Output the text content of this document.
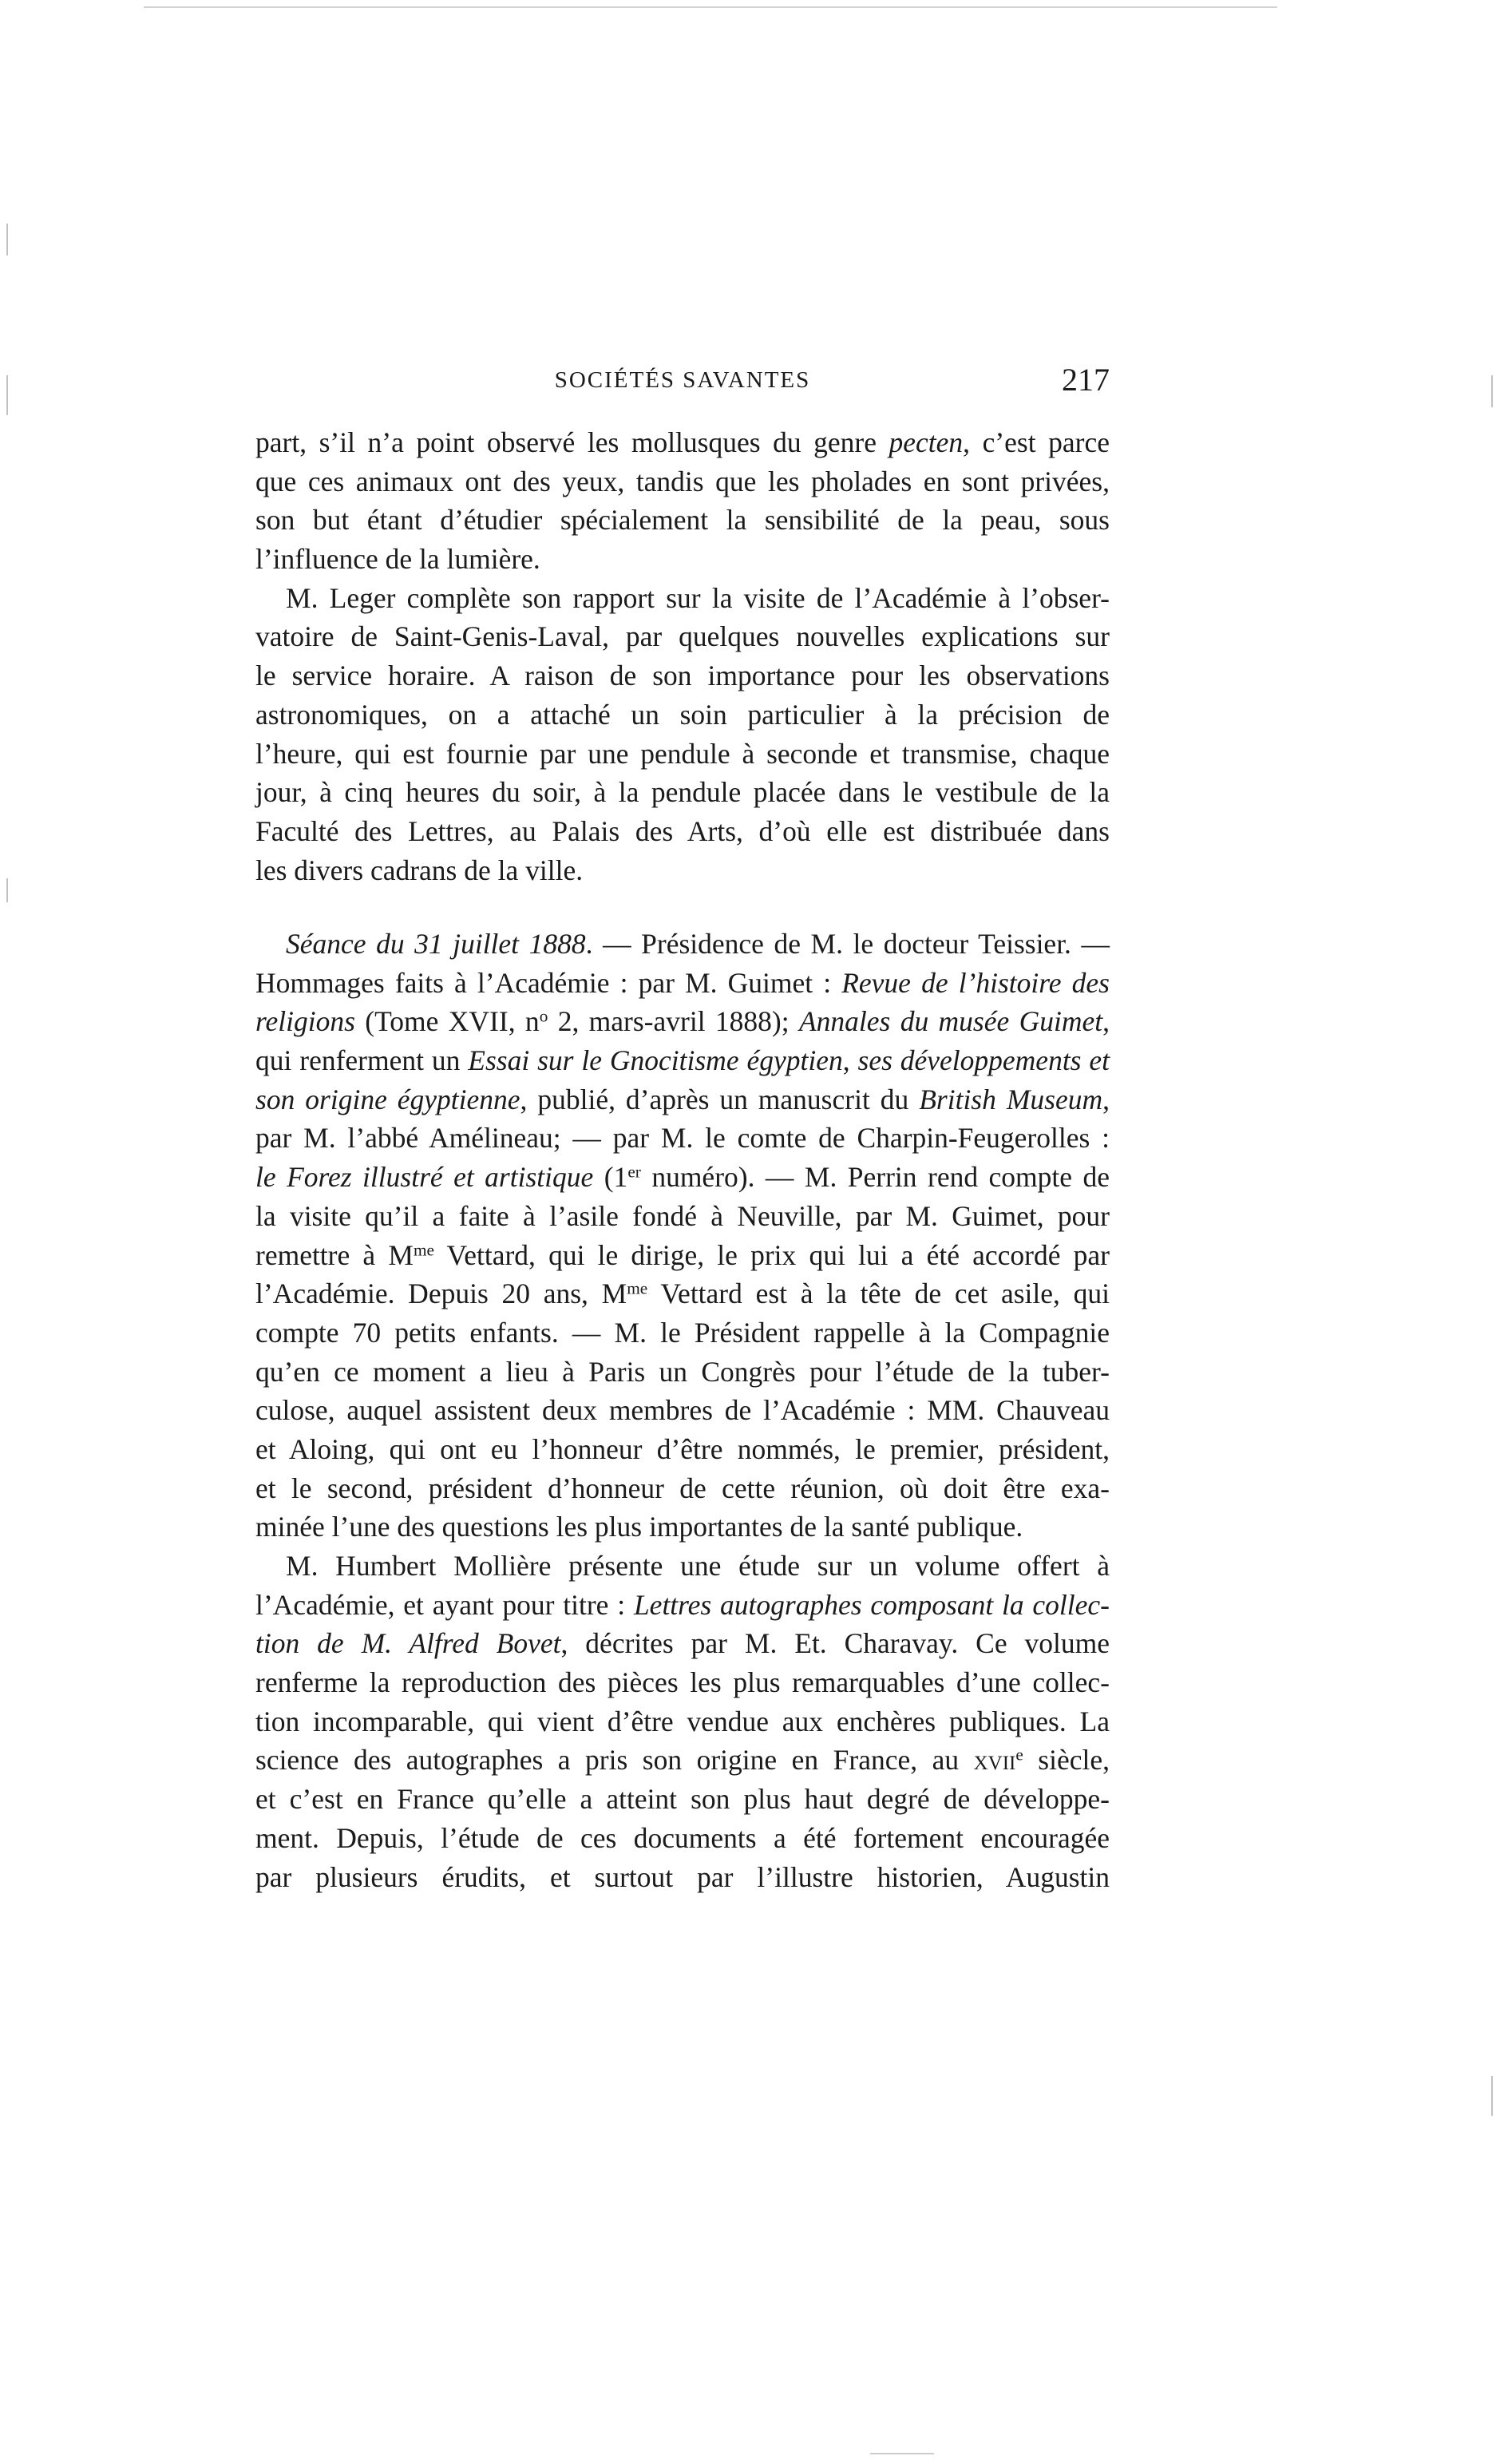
SOCIÉTÉS SAVANTES	217
part, s’il n’a point observé les mollusques du genre pecten, c’est parce
que ces animaux ont des yeux, tandis que les pholades en sont privées,
son but étant d’étudier spécialement la sensibilité de la peau, sous
l’influence de la lumière.
M. Leger complète son rapport sur la visite de l’Académie à l’obser-
vatoire de Saint-Genis-Laval, par quelques nouvelles explications sur
le service horaire. A raison de son importance pour les observations
astronomiques, on a attaché un soin particulier à la précision de
l’heure, qui est fournie par une pendule à seconde et transmise, chaque
jour, à cinq heures du soir, à la pendule placée dans le vestibule de la
Faculté des Lettres, au Palais des Arts, d’où elle est distribuée dans
les divers cadrans de la ville.
Séance du 31 juillet 1888. — Présidence de M. le docteur Teissier. —
Hommages faits à l’Académie : par M. Guimet : Revue de l’histoire des
religions (Tome XVII, $n^o$ 2, mars-avril 1888); Annales du musée Guimet,
qui renferment un Essai sur le Gnocitisme égyptien, ses développements et
son origine égyptienne, publié, d’après un manuscrit du British Museum,
par M. l’abbé Amélineau; — par M. le comte de Charpin-Feugerolles :
le Forez illustré et artistique (1er numéro). — M. Perrin rend compte de
la visite qu’il a faite à l’asile fondé à Neuville, par M. Guimet, pour
remettre à $M^{me}$ Vettard, qui le dirige, le prix qui lui a été accordé par
l’Académie. Depuis 20 ans, $M^{me}$ Vettard est à la tête de cet asile, qui
compte 70 petits enfants. — M. le Président rappelle à la Compagnie
qu’en ce moment a lieu à Paris un Congrès pour l’étude de la tuber-
culose, auquel assistent deux membres de l’Académie : MM. Chauveau
et Aloing, qui ont eu l’honneur d’être nommés, le premier, président,
et le second, président d’honneur de cette réunion, où doit être exa-
minée l’une des questions les plus importantes de la santé publique.
M. Humbert Mollière présente une étude sur un volume offert à
l’Académie, et ayant pour titre : Lettres autographes composant la collec-
tion de M. Alfred Bovet, décrites par M. Et. Charavay. Ce volume
renferme la reproduction des pièces les plus remarquables d’une collec-
tion incomparable, qui vient d’être vendue aux enchères publiques. La
science des autographes a pris son origine en France, au xvii$^e$ siècle,
et c’est en France qu’elle a atteint son plus haut degré de développe-
ment. Depuis, l’étude de ces documents a été fortement encouragée
par plusieurs érudits, et surtout par l’illustre historien, Augustin
